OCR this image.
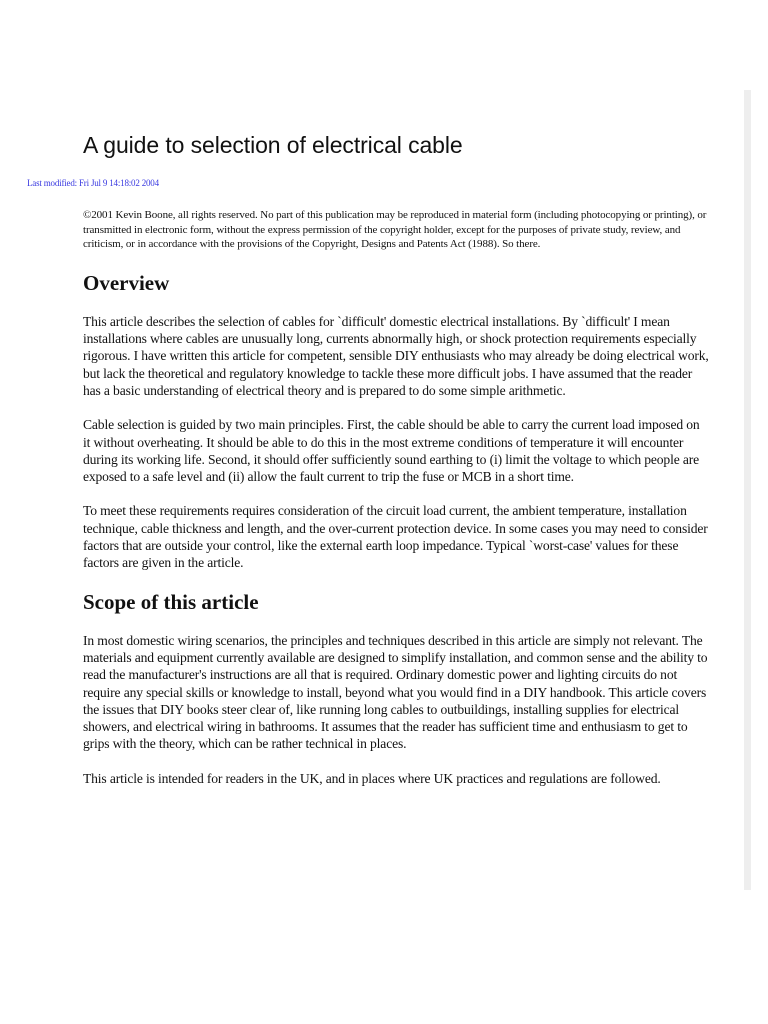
A guide to selection of electrical cable
Last modified: Fri Jul 9 14:18:02 2004

©2001 Kevin Boone, all rights reserved. No part of this publication may be reproduced in material form (including photocopying or printing), or transmitted in electronic form, without the express permission of the copyright holder, except for the purposes of private study, review, and criticism, or in accordance with the provisions of the Copyright, Designs and Patents Act (1988). So there.

Overview

This article describes the selection of cables for `difficult' domestic electrical installations. By `difficult' I mean installations where cables are unusually long, currents abnormally high, or shock protection requirements especially rigorous. I have written this article for competent, sensible DIY enthusiasts who may already be doing electrical work, but lack the theoretical and regulatory knowledge to tackle these more difficult jobs. I have assumed that the reader has a basic understanding of electrical theory and is prepared to do some simple arithmetic.

Cable selection is guided by two main principles. First, the cable should be able to carry the current load imposed on it without overheating. It should be able to do this in the most extreme conditions of temperature it will encounter during its working life. Second, it should offer sufficiently sound earthing to (i) limit the voltage to which people are exposed to a safe level and (ii) allow the fault current to trip the fuse or MCB in a short time.

To meet these requirements requires consideration of the circuit load current, the ambient temperature, installation technique, cable thickness and length, and the over-current protection device. In some cases you may need to consider factors that are outside your control, like the external earth loop impedance. Typical `worst-case' values for these factors are given in the article.

Scope of this article

In most domestic wiring scenarios, the principles and techniques described in this article are simply not relevant. The materials and equipment currently available are designed to simplify installation, and common sense and the ability to read the manufacturer's instructions are all that is required. Ordinary domestic power and lighting circuits do not require any special skills or knowledge to install, beyond what you would find in a DIY handbook. This article covers the issues that DIY books steer clear of, like running long cables to outbuildings, installing supplies for electrical showers, and electrical wiring in bathrooms. It assumes that the reader has sufficient time and enthusiasm to get to grips with the theory, which can be rather technical in places.

This article is intended for readers in the UK, and in places where UK practices and regulations are followed.
